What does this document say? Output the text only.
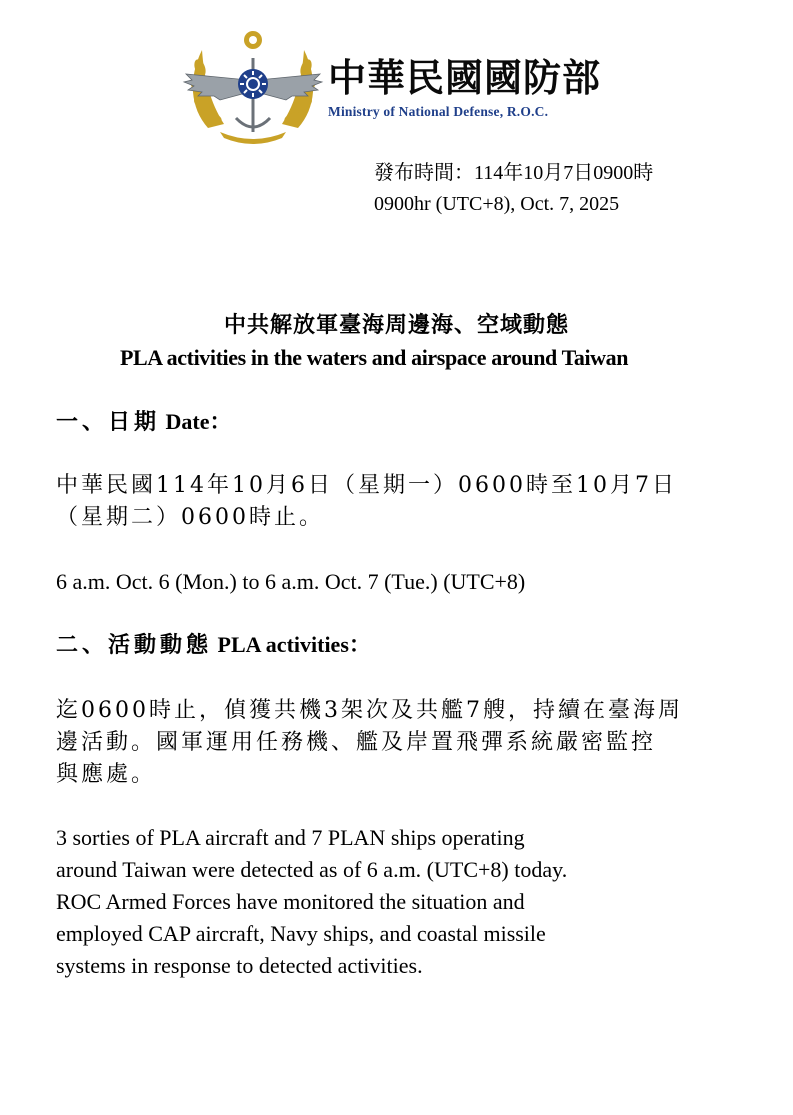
中華民國國防部
Ministry of National Defense, R.O.C.
發布時間：114年10月7日0900時
0900hr (UTC+8), Oct. 7, 2025
中共解放軍臺海周邊海、空域動態
PLA activities in the waters and airspace around Taiwan
一、日期 Date：
中華民國114年10月6日（星期一）0600時至10月7日
（星期二）0600時止。
6 a.m. Oct. 6 (Mon.) to 6 a.m. Oct. 7 (Tue.) (UTC+8)
二、活動動態 PLA activities：
迄0600時止，偵獲共機3架次及共艦7艘，持續在臺海周
邊活動。國軍運用任務機、艦及岸置飛彈系統嚴密監控
與應處。
3 sorties of PLA aircraft and 7 PLAN ships operating
around Taiwan were detected as of 6 a.m. (UTC+8) today.
ROC Armed Forces have monitored the situation and
employed CAP aircraft, Navy ships, and coastal missile
systems in response to detected activities.
